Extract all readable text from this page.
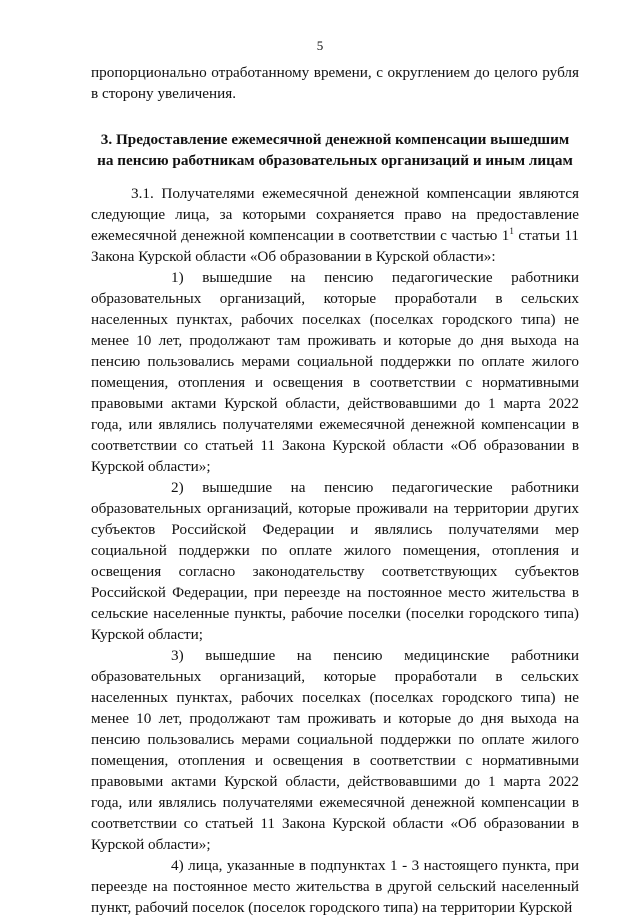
5

пропорционально отработанному времени, с округлением до целого рубля в сторону увеличения.

3. Предоставление ежемесячной денежной компенсации вышедшим на пенсию работникам образовательных организаций и иным лицам

3.1. Получателями ежемесячной денежной компенсации являются следующие лица, за которыми сохраняется право на предоставление ежемесячной денежной компенсации в соответствии с частью $1^1$ статьи 11 Закона Курской области «Об образовании в Курской области»:

1) вышедшие на пенсию педагогические работники образовательных организаций, которые проработали в сельских населенных пунктах, рабочих поселках (поселках городского типа) не менее 10 лет, продолжают там проживать и которые до дня выхода на пенсию пользовались мерами социальной поддержки по оплате жилого помещения, отопления и освещения в соответствии с нормативными правовыми актами Курской области, действовавшими до 1 марта 2022 года, или являлись получателями ежемесячной денежной компенсации в соответствии со статьей 11 Закона Курской области «Об образовании в Курской области»;

2) вышедшие на пенсию педагогические работники образовательных организаций, которые проживали на территории других субъектов Российской Федерации и являлись получателями мер социальной поддержки по оплате жилого помещения, отопления и освещения согласно законодательству соответствующих субъектов Российской Федерации, при переезде на постоянное место жительства в сельские населенные пункты, рабочие поселки (поселки городского типа) Курской области;

3) вышедшие на пенсию медицинские работники образовательных организаций, которые проработали в сельских населенных пунктах, рабочих поселках (поселках городского типа) не менее 10 лет, продолжают там проживать и которые до дня выхода на пенсию пользовались мерами социальной поддержки по оплате жилого помещения, отопления и освещения в соответствии с нормативными правовыми актами Курской области, действовавшими до 1 марта 2022 года, или являлись получателями ежемесячной денежной компенсации в соответствии со статьей 11 Закона Курской области «Об образовании в Курской области»;

4) лица, указанные в подпунктах 1 - 3 настоящего пункта, при переезде на постоянное место жительства в другой сельский населенный пункт, рабочий поселок (поселок городского типа) на территории Курской
